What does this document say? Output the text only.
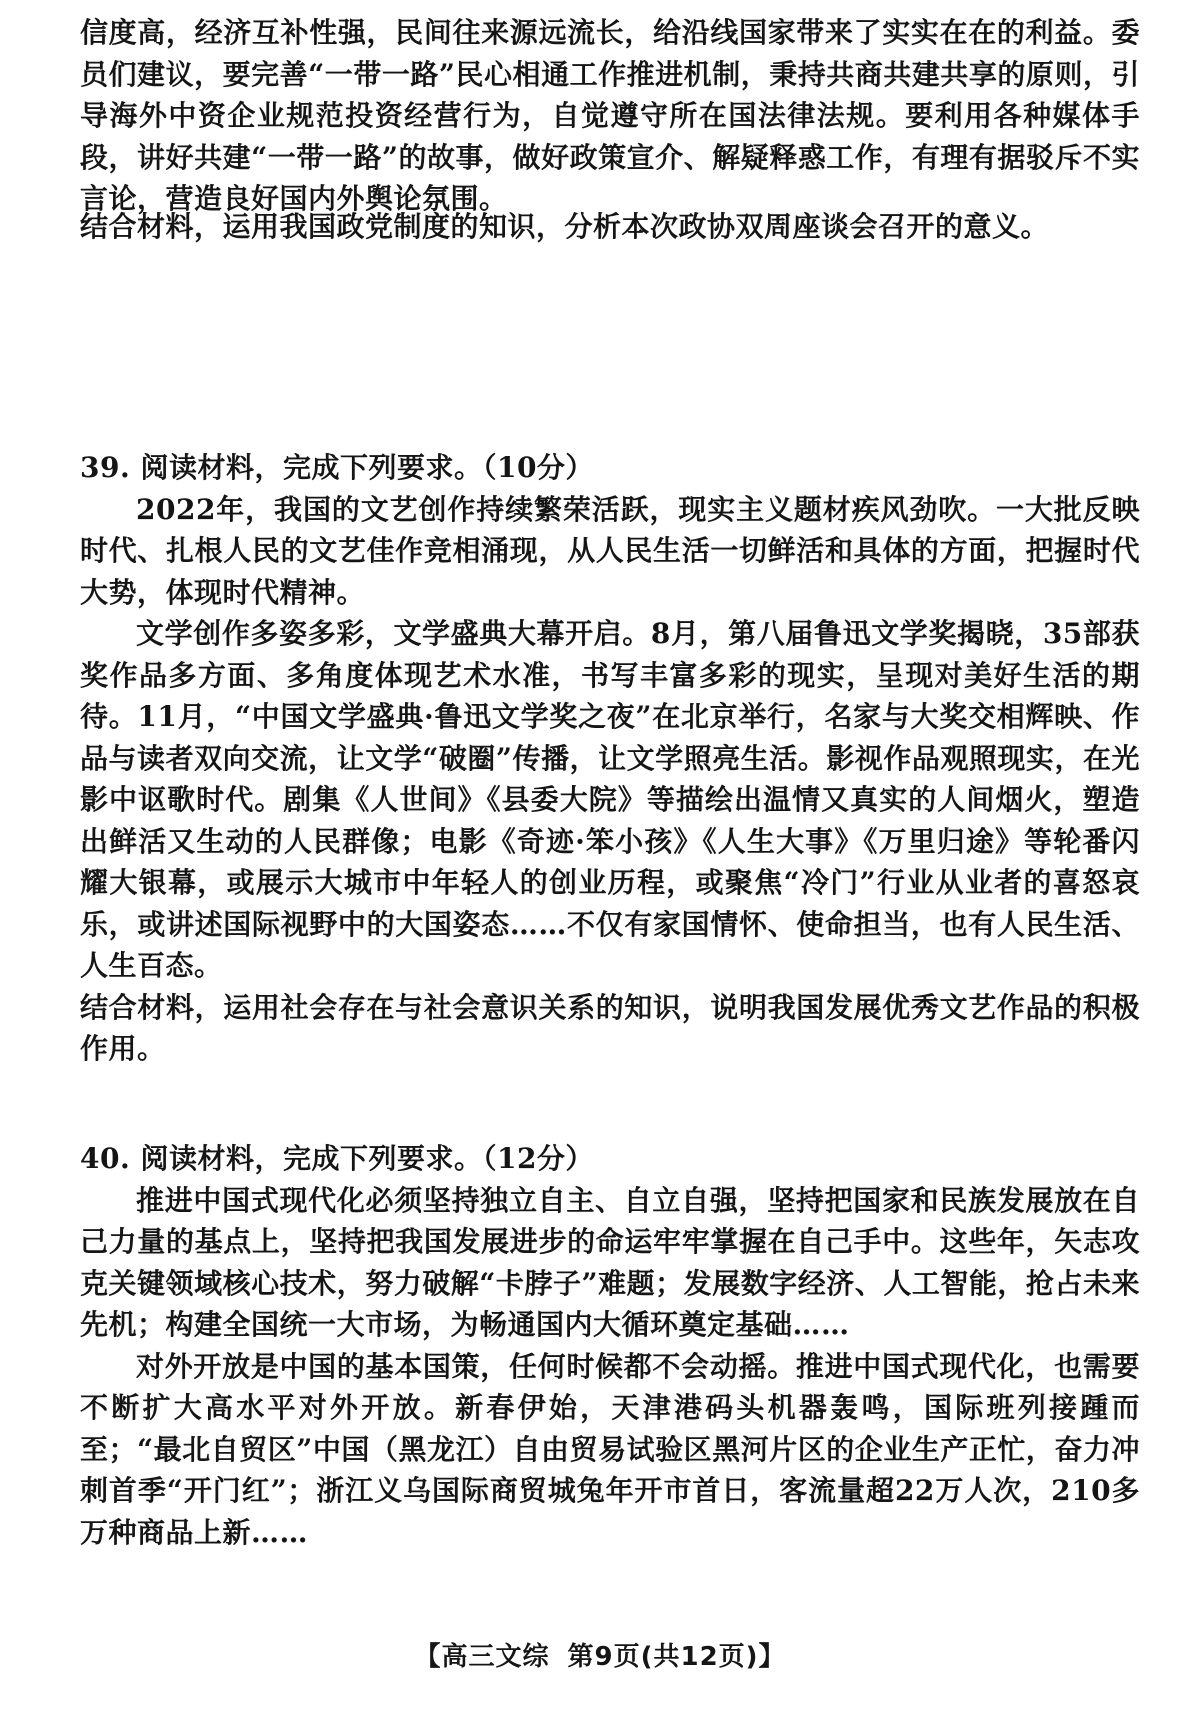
信度高，经济互补性强，民间往来源远流长，给沿线国家带来了实实在在的利益。委员们建议，要完善“一带一路”民心相通工作推进机制，秉持共商共建共享的原则，引导海外中资企业规范投资经营行为，自觉遵守所在国法律法规。要利用各种媒体手段，讲好共建“一带一路”的故事，做好政策宣介、解疑释惑工作，有理有据驳斥不实言论，营造良好国内外舆论氛围。

结合材料，运用我国政党制度的知识，分析本次政协双周座谈会召开的意义。

39. 阅读材料，完成下列要求。（10分）

2022年，我国的文艺创作持续繁荣活跃，现实主义题材疾风劲吹。一大批反映时代、扎根人民的文艺佳作竞相涌现，从人民生活一切鲜活和具体的方面，把握时代大势，体现时代精神。

文学创作多姿多彩，文学盛典大幕开启。8月，第八届鲁迅文学奖揭晓，35部获奖作品多方面、多角度体现艺术水准，书写丰富多彩的现实，呈现对美好生活的期待。11月，“中国文学盛典·鲁迅文学奖之夜”在北京举行，名家与大奖交相辉映、作品与读者双向交流，让文学“破圈”传播，让文学照亮生活。影视作品观照现实，在光影中讴歌时代。剧集《人世间》《县委大院》等描绘出温情又真实的人间烟火，塑造出鲜活又生动的人民群像；电影《奇迹·笨小孩》《人生大事》《万里归途》等轮番闪耀大银幕，或展示大城市中年轻人的创业历程，或聚焦“冷门”行业从业者的喜怒哀乐，或讲述国际视野中的大国姿态……不仅有家国情怀、使命担当，也有人民生活、人生百态。

结合材料，运用社会存在与社会意识关系的知识，说明我国发展优秀文艺作品的积极作用。

40. 阅读材料，完成下列要求。（12分）

推进中国式现代化必须坚持独立自主、自立自强，坚持把国家和民族发展放在自己力量的基点上，坚持把我国发展进步的命运牢牢掌握在自己手中。这些年，矢志攻克关键领域核心技术，努力破解“卡脖子”难题；发展数字经济、人工智能，抢占未来先机；构建全国统一大市场，为畅通国内大循环奠定基础……

对外开放是中国的基本国策，任何时候都不会动摇。推进中国式现代化，也需要不断扩大高水平对外开放。新春伊始，天津港码头机器轰鸣，国际班列接踵而至；“最北自贸区”中国（黑龙江）自由贸易试验区黑河片区的企业生产正忙，奋力冲刺首季“开门红”；浙江义乌国际商贸城兔年开市首日，客流量超22万人次，210多万种商品上新……

【高三文综 第9页(共12页)】
